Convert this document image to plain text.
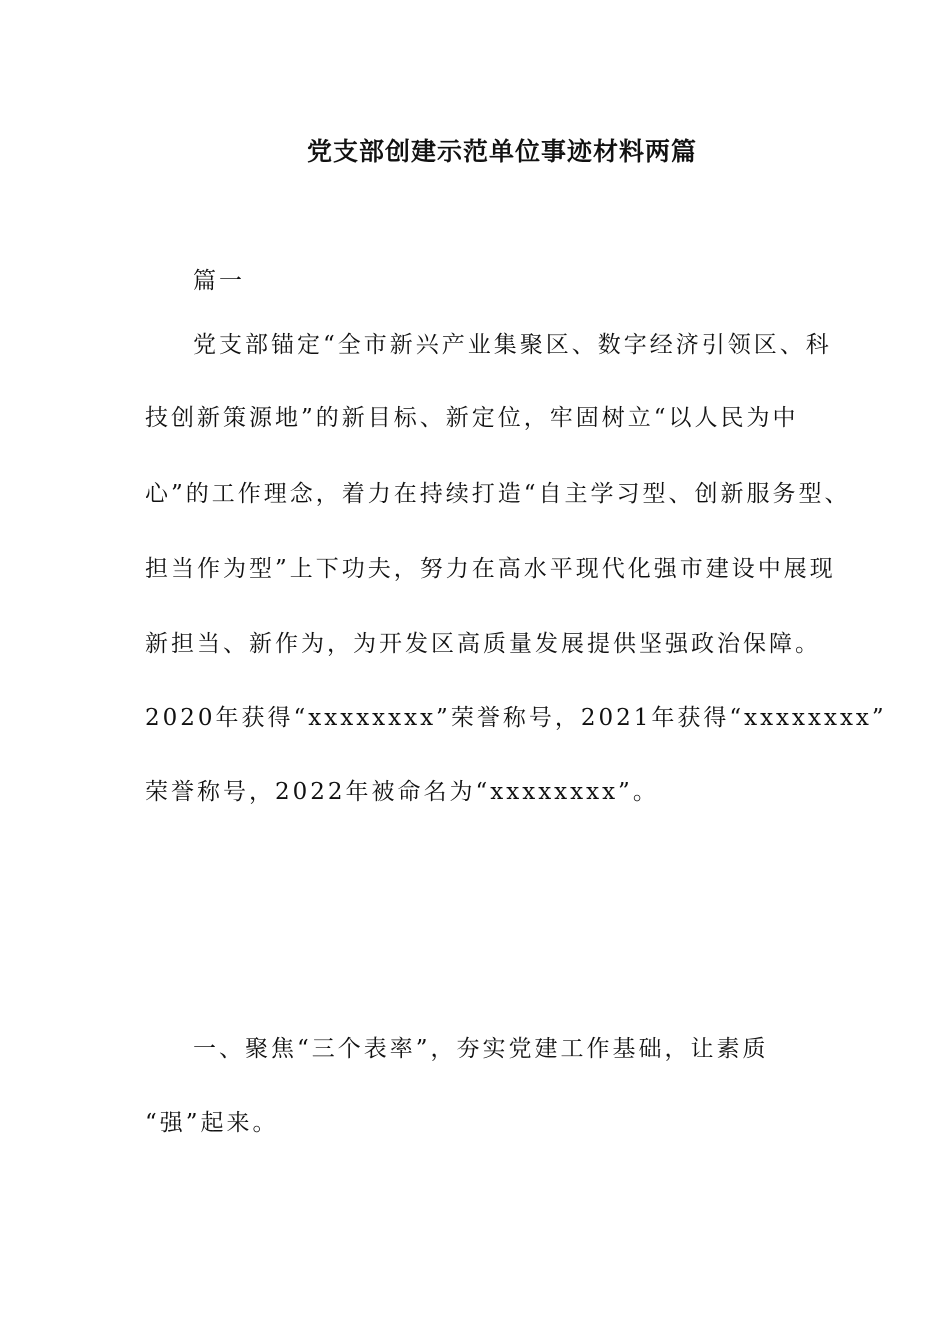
党支部创建示范单位事迹材料两篇
篇一
党支部锚定“全市新兴产业集聚区、数字经济引领区、科
技创新策源地”的新目标、新定位，牢固树立“以人民为中
心”的工作理念，着力在持续打造“自主学习型、创新服务型、
担当作为型”上下功夫，努力在高水平现代化强市建设中展现
新担当、新作为，为开发区高质量发展提供坚强政治保障。
2020年获得“xxxxxxxx”荣誉称号，2021年获得“xxxxxxxx”
荣誉称号，2022年被命名为“xxxxxxxx”。
一、聚焦“三个表率”，夯实党建工作基础，让素质
“强”起来。
